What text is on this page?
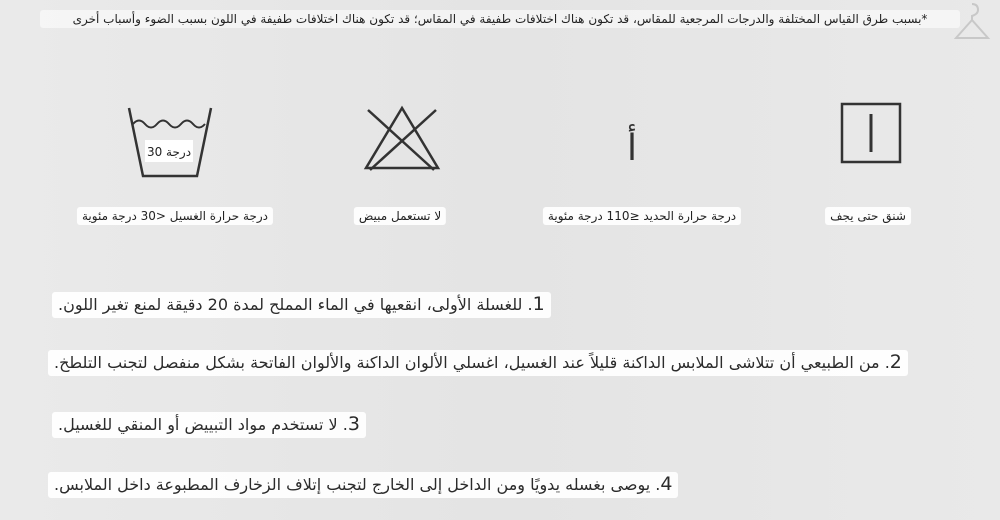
*بسبب طرق القياس المختلفة والدرجات المرجعية للمقاس، قد تكون هناك اختلافات طفيفة في المقاس؛ قد تكون هناك اختلافات طفيفة في اللون بسبب الضوء وأسباب أخرى
30 درجة	أ
درجة حرارة الغسيل <30 درجة مئوية	لا تستعمل مبيض	درجة حرارة الحديد ≤110 درجة مئوية	شنق حتى يجف
1. للغسلة الأولى، انقعيها في الماء المملح لمدة 20 دقيقة لمنع تغير اللون.
2. من الطبيعي أن تتلاشى الملابس الداكنة قليلاً عند الغسيل، اغسلي الألوان الداكنة والألوان الفاتحة بشكل منفصل لتجنب التلطخ.
3. لا تستخدم مواد التبييض أو المنقي للغسيل.
4. يوصى بغسله يدويًا ومن الداخل إلى الخارج لتجنب إتلاف الزخارف المطبوعة داخل الملابس.
